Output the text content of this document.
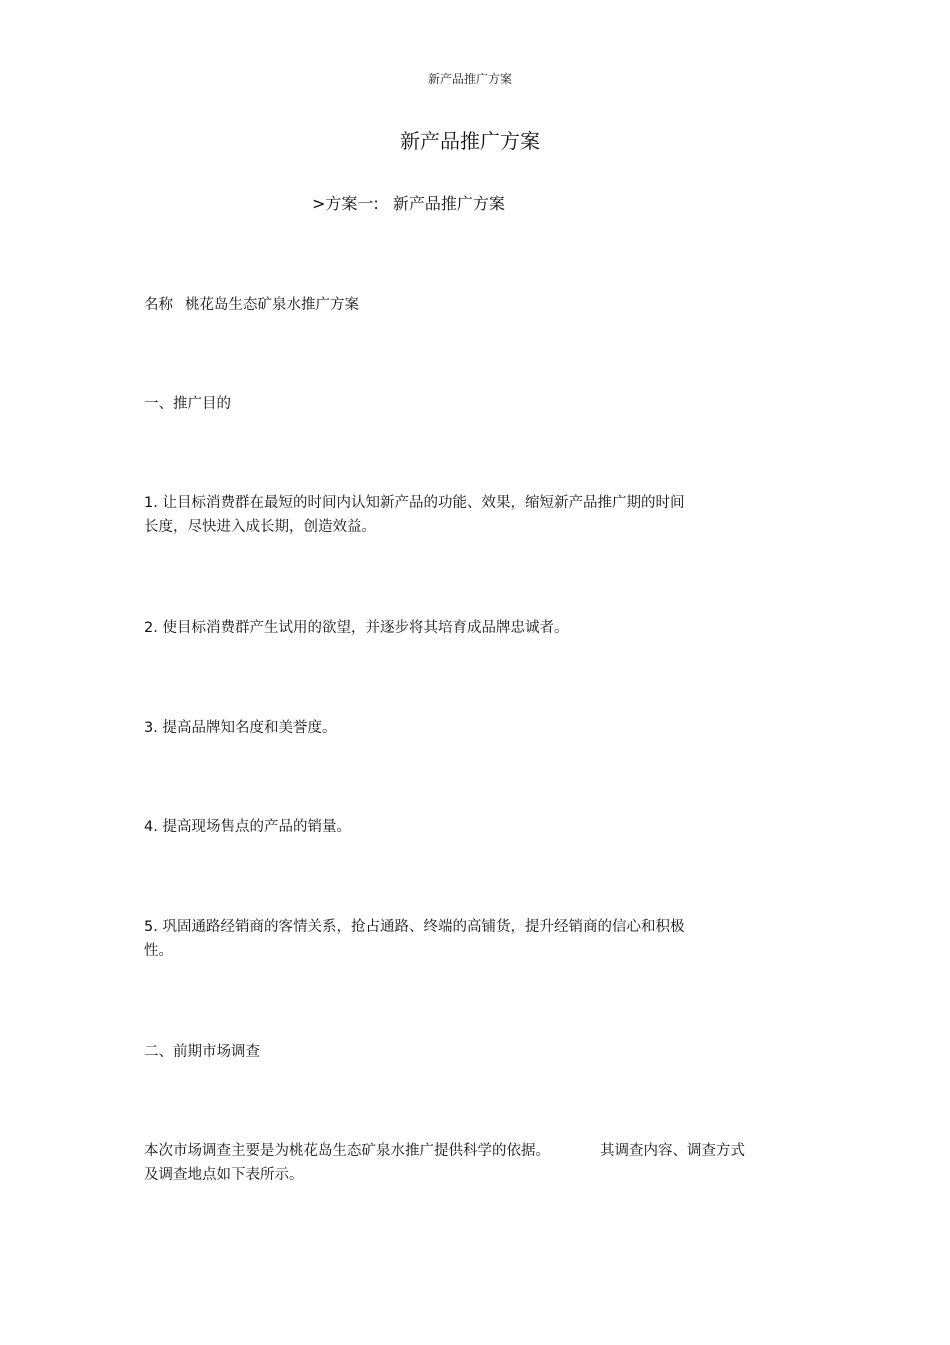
新产品推广方案
新产品推广方案
>方案一: 新产品推广方案
名称 桃花岛生态矿泉水推广方案
一、推广目的
1. 让目标消费群在最短的时间内认知新产品的功能、效果，缩短新产品推广期的时间
长度，尽快进入成长期，创造效益。
2. 使目标消费群产生试用的欲望，并逐步将其培育成品牌忠诚者。
3. 提高品牌知名度和美誉度。
4. 提高现场售点的产品的销量。
5. 巩固通路经销商的客情关系，抢占通路、终端的高铺货，提升经销商的信心和积极
性。
二、前期市场调查
本次市场调查主要是为桃花岛生态矿泉水推广提供科学的依据。	其调查内容、调查方式
及调查地点如下表所示。
